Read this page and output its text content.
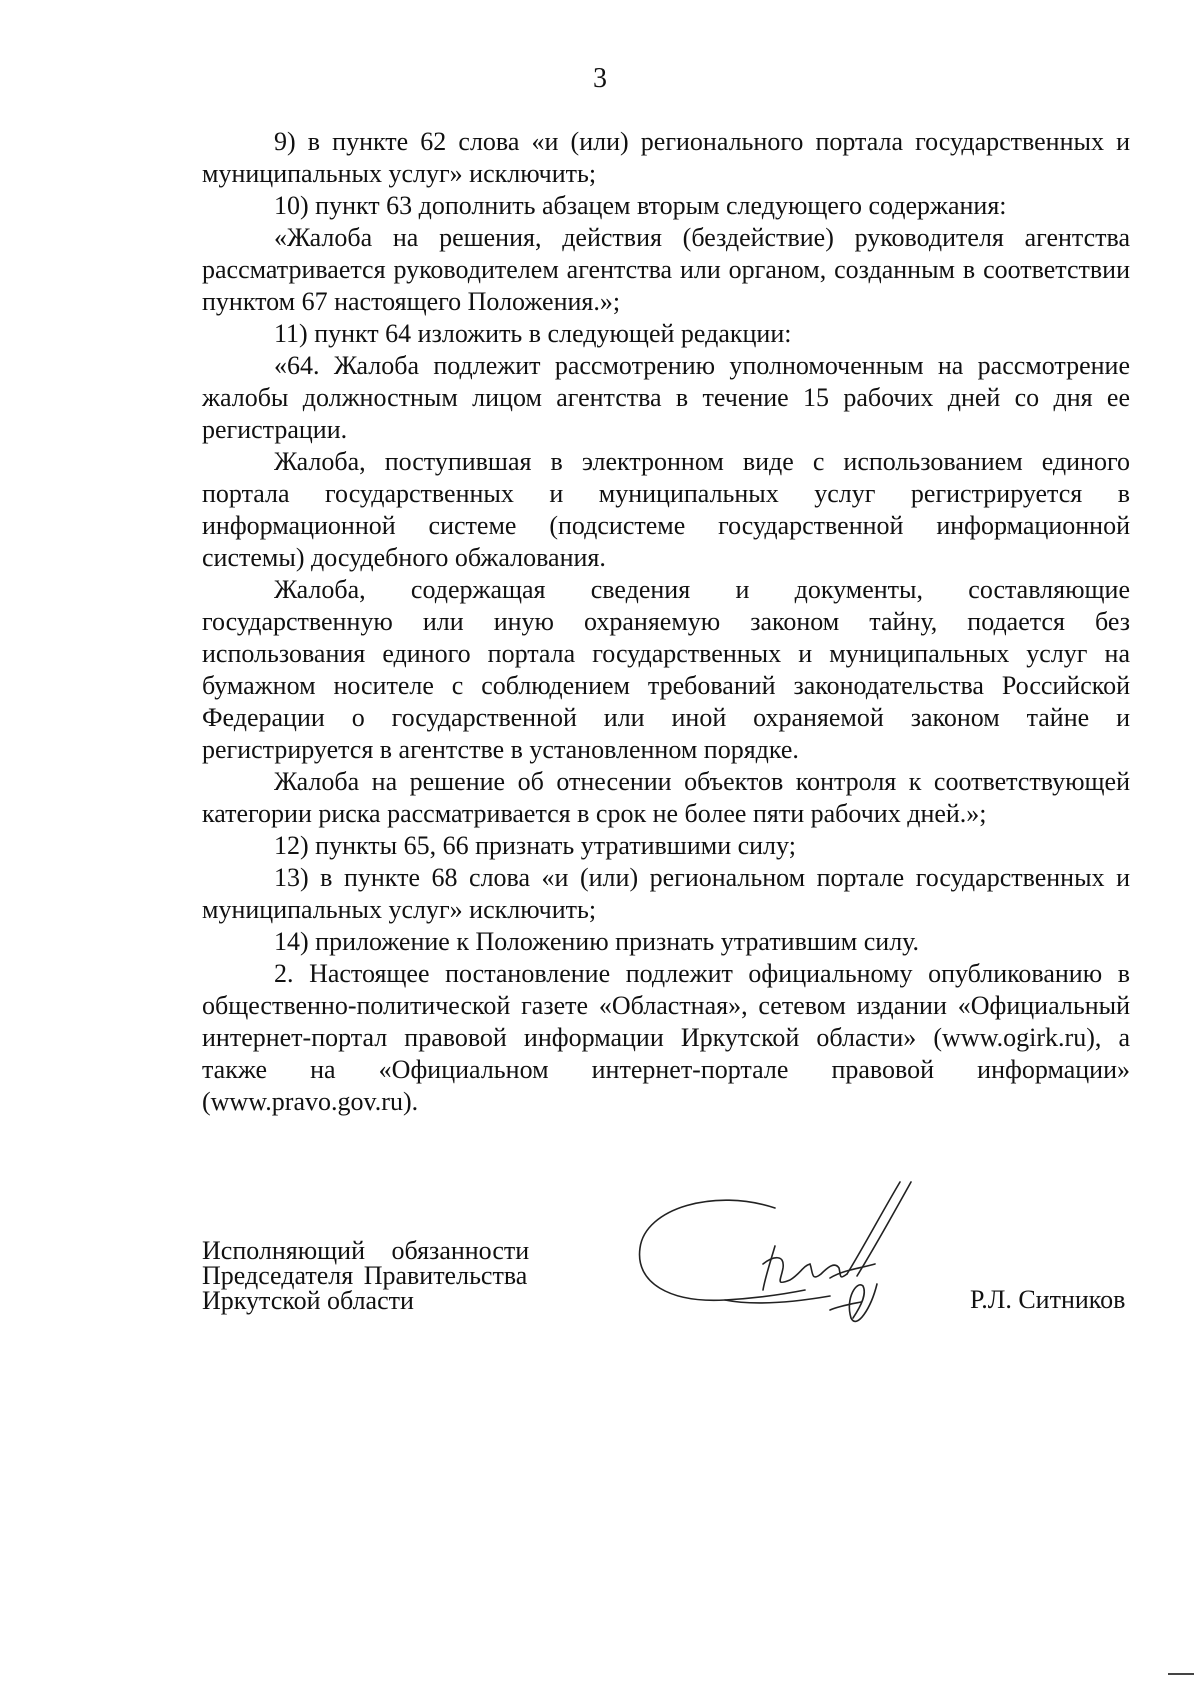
3

9) в пункте 62 слова «и (или) регионального портала государственных и муниципальных услуг» исключить;

10) пункт 63 дополнить абзацем вторым следующего содержания:

«Жалоба на решения, действия (бездействие) руководителя агентства рассматривается руководителем агентства или органом, созданным в соответствии пунктом 67 настоящего Положения.»;

11) пункт 64 изложить в следующей редакции:

«64. Жалоба подлежит рассмотрению уполномоченным на рассмотрение жалобы должностным лицом агентства в течение 15 рабочих дней со дня ее регистрации.

Жалоба, поступившая в электронном виде с использованием единого портала государственных и муниципальных услуг регистрируется в информационной системе (подсистеме государственной информационной системы) досудебного обжалования.

Жалоба, содержащая сведения и документы, составляющие государственную или иную охраняемую законом тайну, подается без использования единого портала государственных и муниципальных услуг на бумажном носителе с соблюдением требований законодательства Российской Федерации о государственной или иной охраняемой законом тайне и регистрируется в агентстве в установленном порядке.

Жалоба на решение об отнесении объектов контроля к соответствующей категории риска рассматривается в срок не более пяти рабочих дней.»;

12) пункты 65, 66 признать утратившими силу;

13) в пункте 68 слова «и (или) региональном портале государственных и муниципальных услуг» исключить;

14) приложение к Положению признать утратившим силу.

2. Настоящее постановление подлежит официальному опубликованию в общественно-политической газете «Областная», сетевом издании «Официальный интернет-портал правовой информации Иркутской области» (www.ogirk.ru), а также на «Официальном интернет-портале правовой информации» (www.pravo.gov.ru).

Исполняющий обязанности
Председателя Правительства
Иркутской области	Р.Л. Ситников
